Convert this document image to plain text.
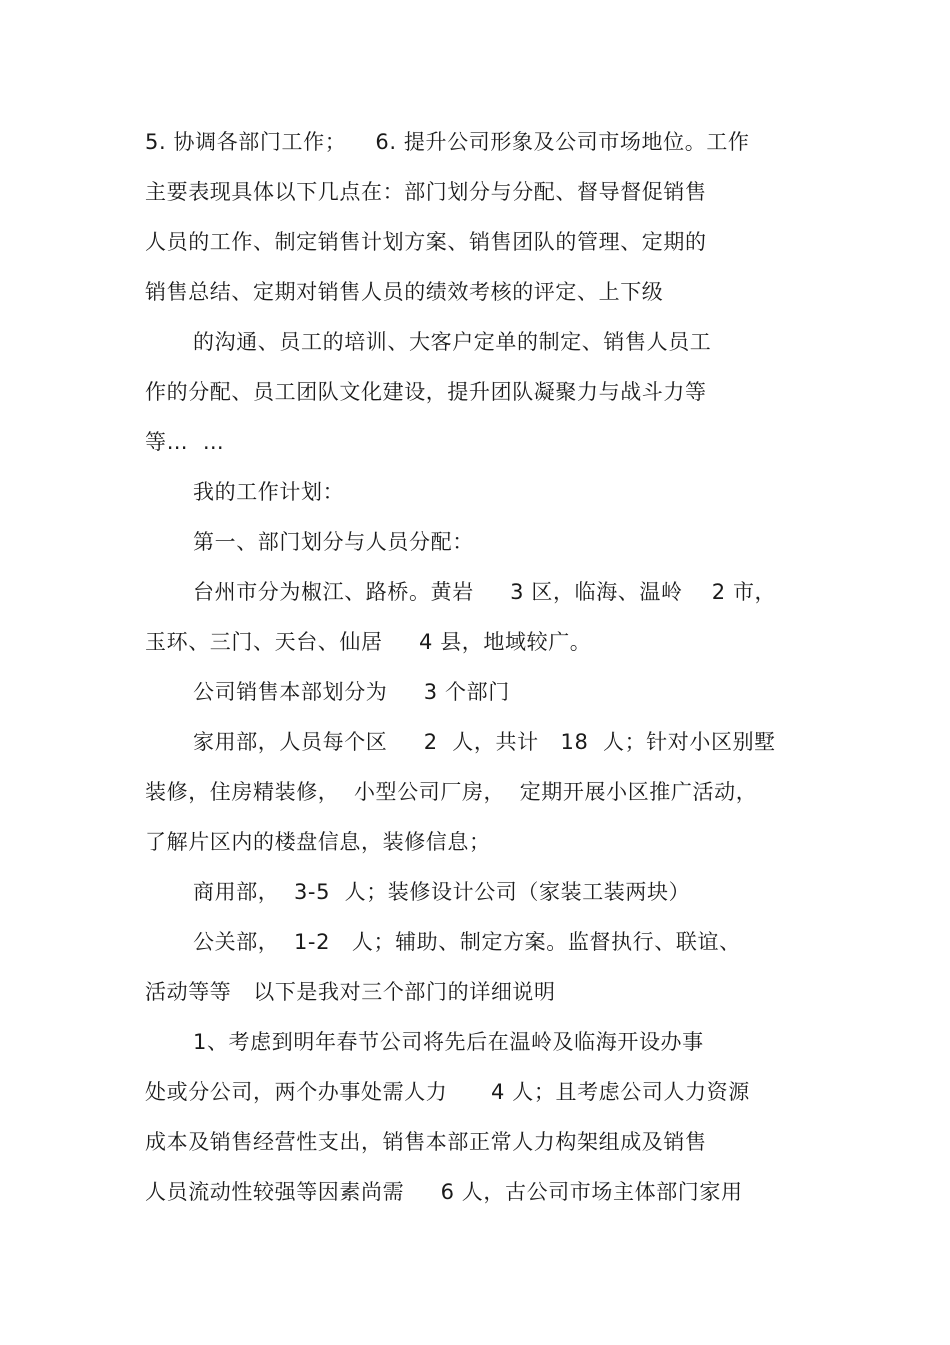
5. 协调各部门工作；    6. 提升公司形象及公司市场地位。工作
主要表现具体以下几点在：部门划分与分配、督导督促销售
人员的工作、制定销售计划方案、销售团队的管理、定期的
销售总结、定期对销售人员的绩效考核的评定、上下级
的沟通、员工的培训、大客户定单的制定、销售人员工
作的分配、员工团队文化建设，提升团队凝聚力与战斗力等
等…  …
我的工作计划：
第一、部门划分与人员分配：
台州市分为椒江、路桥。黄岩     3 区，临海、温岭    2 市，
玉环、三门、天台、仙居     4 县，地域较广。
公司销售本部划分为     3 个部门
家用部，人员每个区     2  人，共计   18  人；针对小区别墅
装修，住房精装修，  小型公司厂房，  定期开展小区推广活动，
了解片区内的楼盘信息，装修信息；
商用部，  3-5  人；装修设计公司（家装工装两块）
公关部，  1-2   人；辅助、制定方案。监督执行、联谊、
活动等等   以下是我对三个部门的详细说明
1、考虑到明年春节公司将先后在温岭及临海开设办事
处或分公司，两个办事处需人力      4 人；且考虑公司人力资源
成本及销售经营性支出，销售本部正常人力构架组成及销售
人员流动性较强等因素尚需     6 人，古公司市场主体部门家用
